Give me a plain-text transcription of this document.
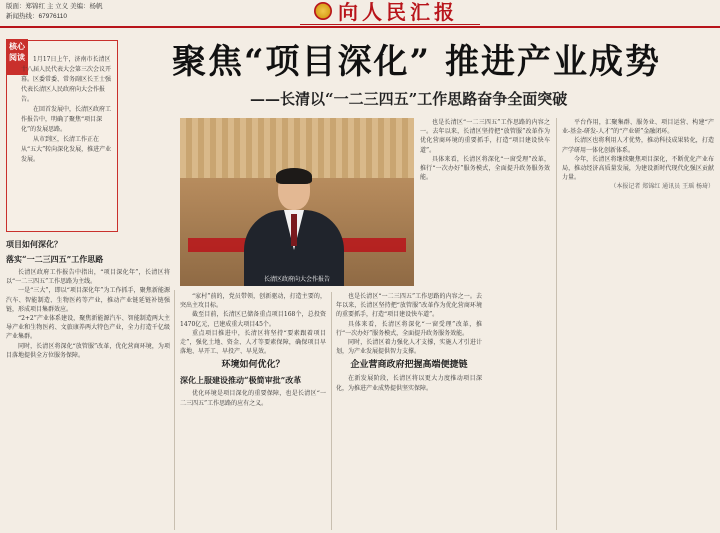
版面：郑锦红 主 立义 美编：杨帆
新闻热线：67976110	向人民汇报
核心阅读	1月17日上午，济南市长清区十八届人民代表大会第三次会议开幕。区委常委、常务副区长王士强代表长清区人民政府向大会作报告。

在回首发展中，长清区政府工作报告中，明确了聚焦“项目深化”的发展思路。

从市到区，长清工作正在从“五大”转向深化发展，推进产业发展。

聚焦“项目深化” 推进产业成势
——长清以“一二三四五”工作思路奋争全面突破
长清区政府向大会作报告
项目如何深化？
落实“一二三四五”工作思路

长清区政府工作报告中指出，“项目深化年”，长清区将以“一二三四五”工作思路为主线。

一是“三大”，即以“项目深化年”为工作抓手，聚焦新能源汽车、智能制造、生物医药等产业，推动产业链延链补链强链，形成项目集群效应。

“2+2”产业体系建设，聚焦新能源汽车、智能制造两大主导产业和生物医药、文旅康养两大特色产业，全力打造千亿级产业集群。

同时，长清区将深化“放管服”改革，优化营商环境，为项目落地提供全方位服务保障。

“家村”前的，党员带领，创新驱动，打造主要的，突出主攻目标。

截至目前，长清区已储备重点项目168个，总投资1470亿元，已建成重大项目45个。

重点项目推进中，长清区将坚持“要素跟着项目走”，强化土地、资金、人才等要素保障，确保项目早落地、早开工、早投产、早见效。

环境如何优化？
深化上服建设推动“极简审批”改革

优化环境是项目深化的重要保障，也是长清区“一二三四五”工作思路的应有之义。

也是长清区“一二三四五”工作思路的内容之一。去年以来，长清区坚持把“放管服”改革作为优化营商环境的重要抓手，打造“项目建设快车道”。

具体来看，长清区将深化“一窗受理”改革，推行“一次办好”服务模式，全面提升政务服务效能。

同时，长清区着力强化人才支撑，实施人才引进计划，为产业发展提供智力支撑。

企业营商政府把握高端便捷链

在新发展阶段，长清区将以更大力度推动项目深化，为推进产业成势提供坚实保障。

也是长清区“一二三四五”工作思路的内容之一。去年以来，长清区坚持把“放管服”改革作为优化营商环境的重要抓手，打造“项目建设快车道”。

具体来看，长清区将深化“一窗受理”改革，推行“一次办好”服务模式，全面提升政务服务效能。

平台作用，汇聚集群、服务业、项目运营、构建“产业-基金-研发-人才”的“产业研”金融闭环。

长清区也将利用人才优势，推动科技成果转化，打造产学研用一体化创新体系。

今年，长清区将继续聚焦项目深化，不断优化产业布局，推动经济高质量发展，为建设新时代现代化强区贡献力量。

（本报记者 郑锦红 通讯员 王瑶 杨琦）
